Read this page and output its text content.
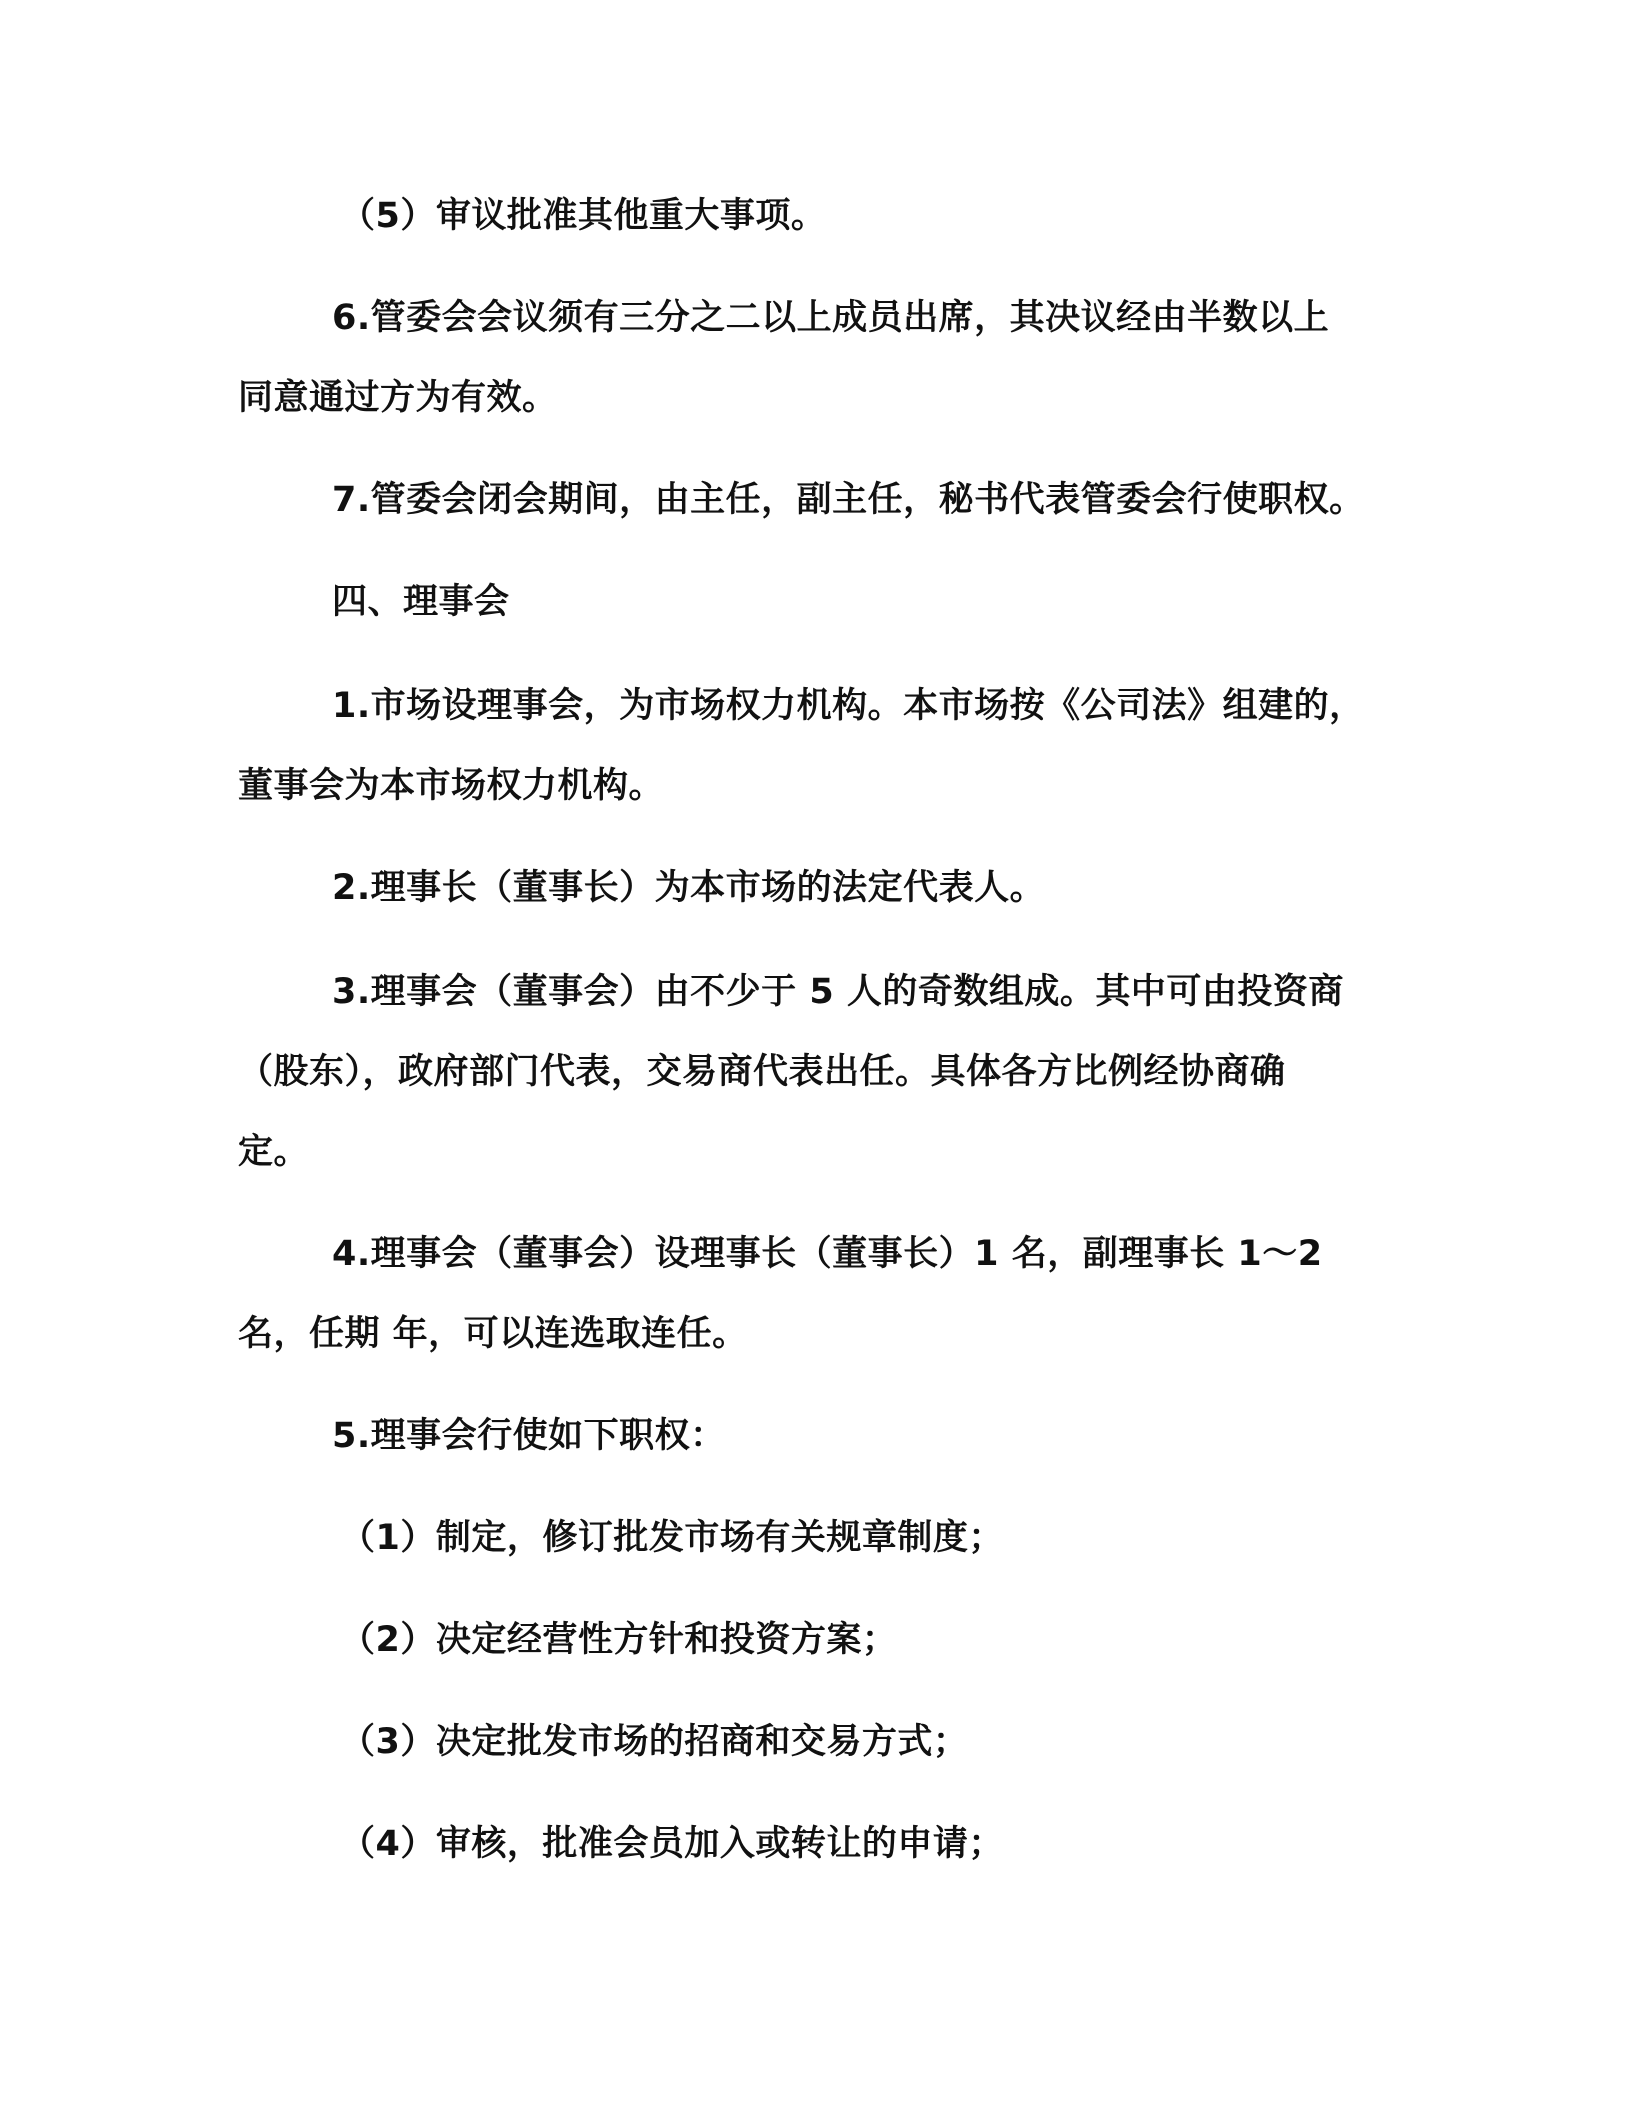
（5）审议批准其他重大事项。
6.管委会会议须有三分之二以上成员出席，其决议经由半数以上
同意通过方为有效。
7.管委会闭会期间，由主任，副主任，秘书代表管委会行使职权。
四、理事会
1.市场设理事会，为市场权力机构。本市场按《公司法》组建的，
董事会为本市场权力机构。
2.理事长（董事长）为本市场的法定代表人。
3.理事会（董事会）由不少于 5 人的奇数组成。其中可由投资商
（股东），政府部门代表，交易商代表出任。具体各方比例经协商确
定。
4.理事会（董事会）设理事长（董事长）1 名，副理事长 1～2
名，任期 年，可以连选取连任。
5.理事会行使如下职权：
（1）制定，修订批发市场有关规章制度；
（2）决定经营性方针和投资方案；
（3）决定批发市场的招商和交易方式；
（4）审核，批准会员加入或转让的申请；
